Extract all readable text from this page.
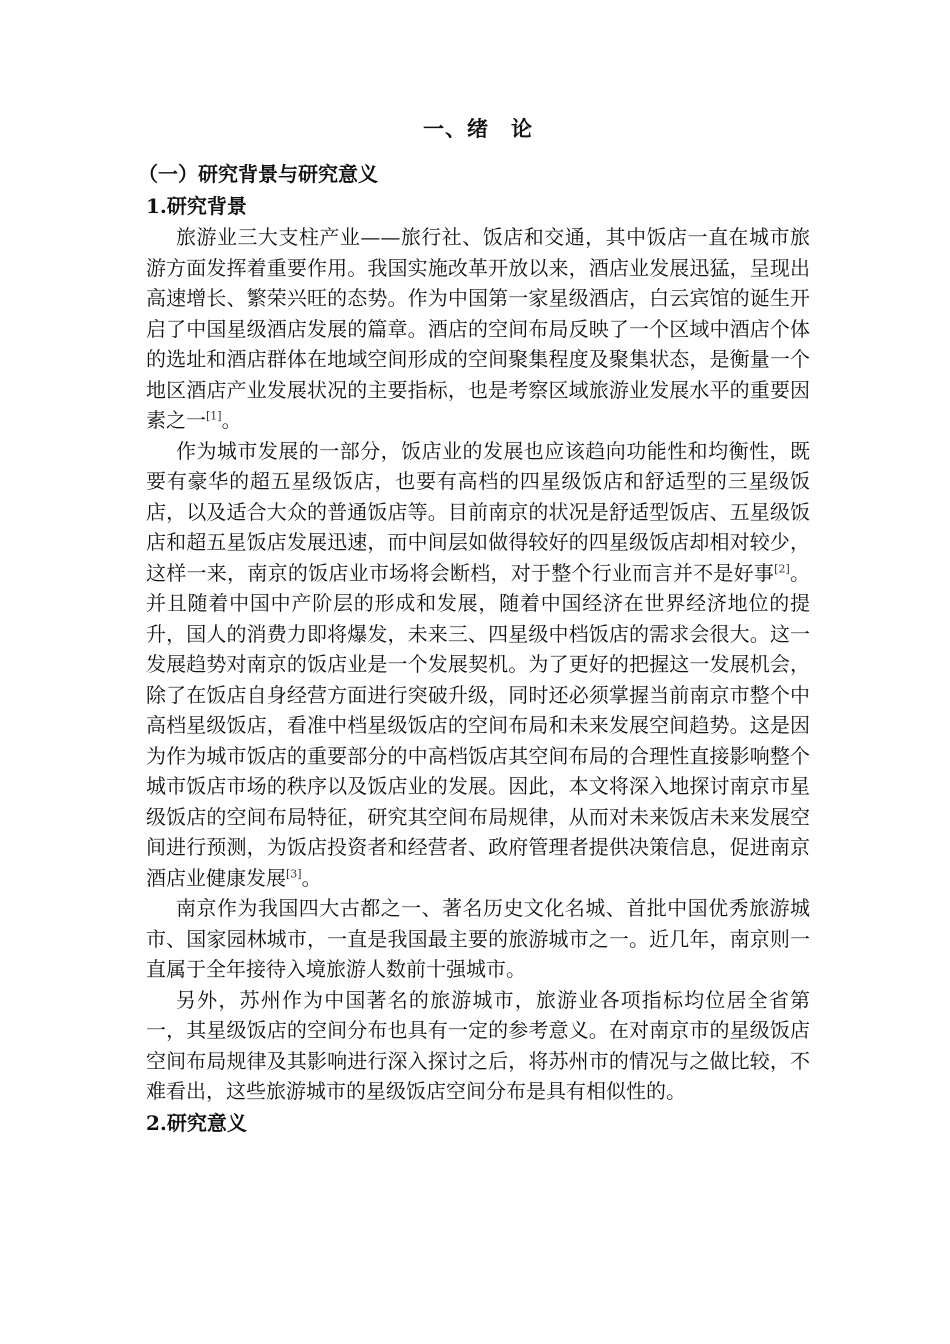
一、绪 论
（一）研究背景与研究意义
1.研究背景

旅游业三大支柱产业——旅行社、饭店和交通，其中饭店一直在城市旅游方面发挥着重要作用。我国实施改革开放以来，酒店业发展迅猛，呈现出高速增长、繁荣兴旺的态势。作为中国第一家星级酒店，白云宾馆的诞生开启了中国星级酒店发展的篇章。酒店的空间布局反映了一个区域中酒店个体的选址和酒店群体在地域空间形成的空间聚集程度及聚集状态，是衡量一个地区酒店产业发展状况的主要指标，也是考察区域旅游业发展水平的重要因素之一[1]。

作为城市发展的一部分，饭店业的发展也应该趋向功能性和均衡性，既要有豪华的超五星级饭店，也要有高档的四星级饭店和舒适型的三星级饭店，以及适合大众的普通饭店等。目前南京的状况是舒适型饭店、五星级饭店和超五星饭店发展迅速，而中间层如做得较好的四星级饭店却相对较少，这样一来，南京的饭店业市场将会断档，对于整个行业而言并不是好事[2]。并且随着中国中产阶层的形成和发展，随着中国经济在世界经济地位的提升，国人的消费力即将爆发，未来三、四星级中档饭店的需求会很大。这一发展趋势对南京的饭店业是一个发展契机。为了更好的把握这一发展机会，除了在饭店自身经营方面进行突破升级，同时还必须掌握当前南京市整个中高档星级饭店，看准中档星级饭店的空间布局和未来发展空间趋势。这是因为作为城市饭店的重要部分的中高档饭店其空间布局的合理性直接影响整个城市饭店市场的秩序以及饭店业的发展。因此，本文将深入地探讨南京市星级饭店的空间布局特征，研究其空间布局规律，从而对未来饭店未来发展空间进行预测，为饭店投资者和经营者、政府管理者提供决策信息，促进南京酒店业健康发展[3]。

南京作为我国四大古都之一、著名历史文化名城、首批中国优秀旅游城市、国家园林城市，一直是我国最主要的旅游城市之一。近几年，南京则一直属于全年接待入境旅游人数前十强城市。

另外，苏州作为中国著名的旅游城市，旅游业各项指标均位居全省第一，其星级饭店的空间分布也具有一定的参考意义。在对南京市的星级饭店空间布局规律及其影响进行深入探讨之后，将苏州市的情况与之做比较，不难看出，这些旅游城市的星级饭店空间分布是具有相似性的。

2.研究意义
